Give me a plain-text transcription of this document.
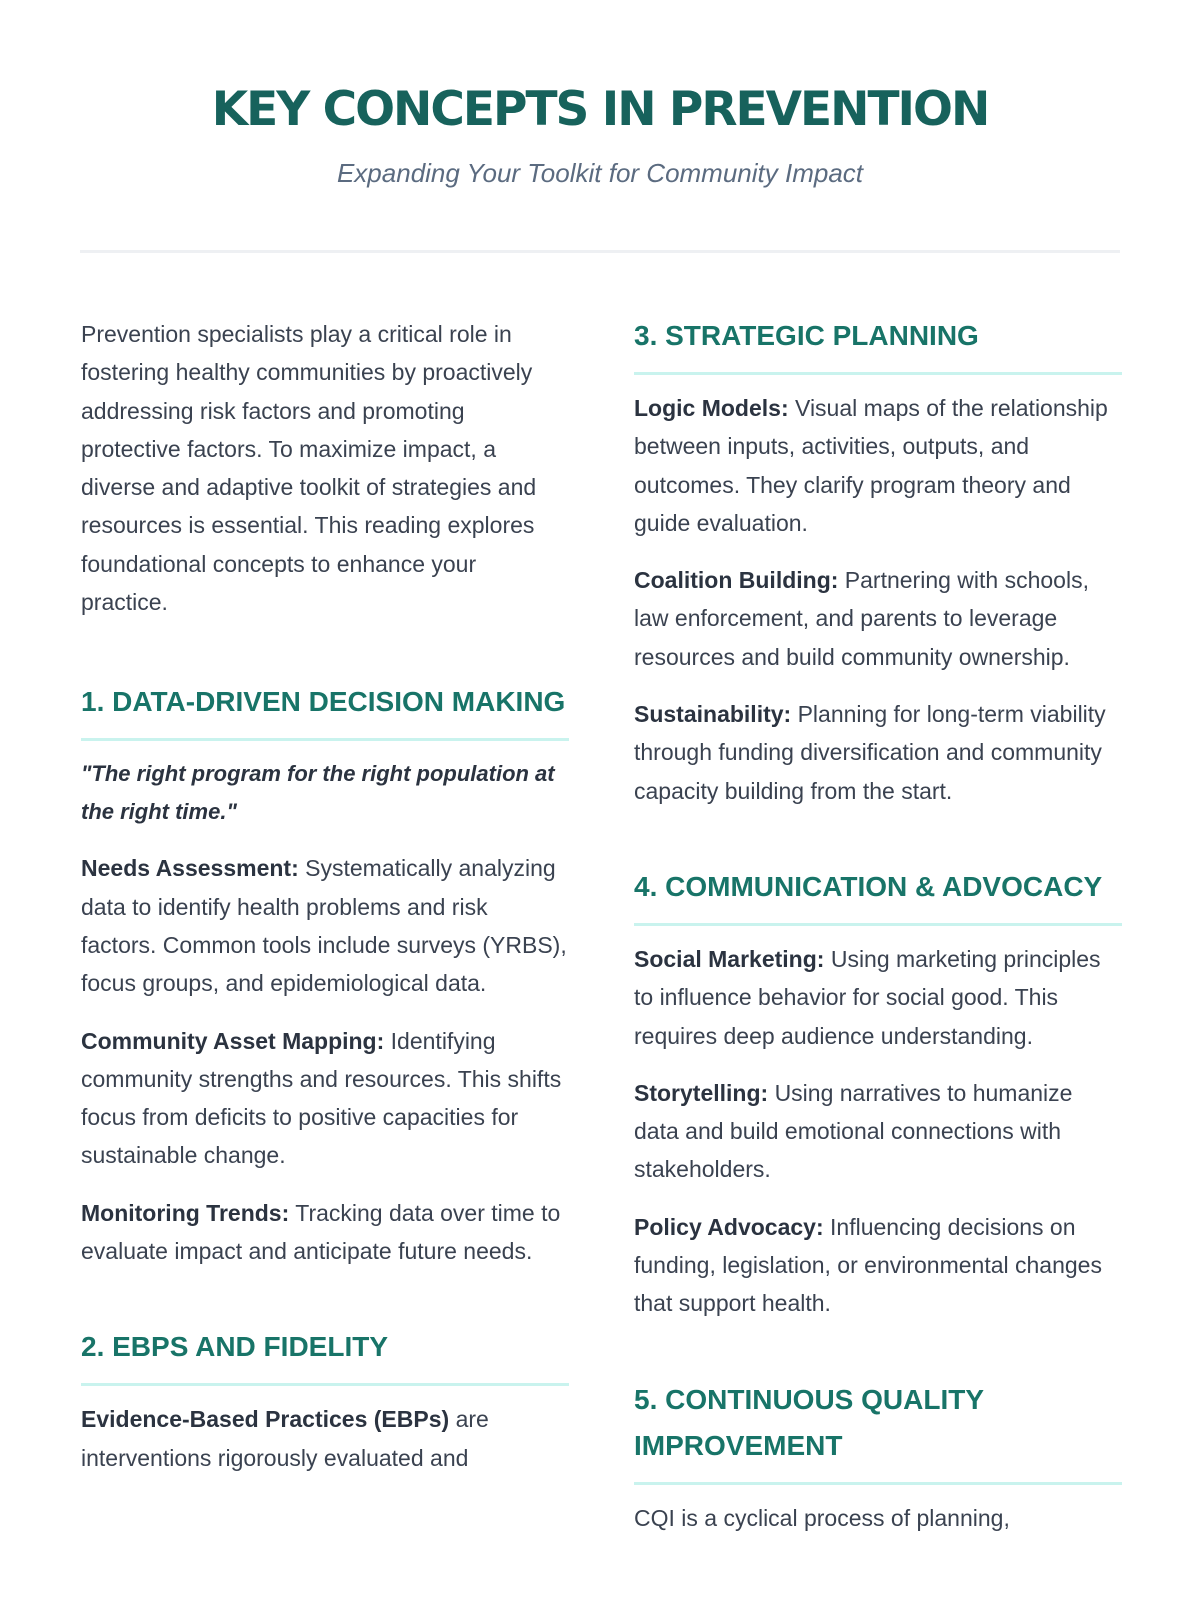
KEY CONCEPTS IN PREVENTION
Expanding Your Toolkit for Community Impact

Prevention specialists play a critical role in fostering healthy communities by proactively addressing risk factors and promoting protective factors. To maximize impact, a diverse and adaptive toolkit of strategies and resources is essential. This reading explores foundational concepts to enhance your practice.

1. DATA-DRIVEN DECISION MAKING

"The right program for the right population at the right time."

Needs Assessment: Systematically analyzing data to identify health problems and risk factors. Common tools include surveys (YRBS), focus groups, and epidemiological data.

Community Asset Mapping: Identifying community strengths and resources. This shifts focus from deficits to positive capacities for sustainable change.

Monitoring Trends: Tracking data over time to evaluate impact and anticipate future needs.

2. EBPS AND FIDELITY

Evidence-Based Practices (EBPs) are interventions rigorously evaluated and

3. STRATEGIC PLANNING

Logic Models: Visual maps of the relationship between inputs, activities, outputs, and outcomes. They clarify program theory and guide evaluation.

Coalition Building: Partnering with schools, law enforcement, and parents to leverage resources and build community ownership.

Sustainability: Planning for long-term viability through funding diversification and community capacity building from the start.

4. COMMUNICATION & ADVOCACY

Social Marketing: Using marketing principles to influence behavior for social good. This requires deep audience understanding.

Storytelling: Using narratives to humanize data and build emotional connections with stakeholders.

Policy Advocacy: Influencing decisions on funding, legislation, or environmental changes that support health.

5. CONTINUOUS QUALITY IMPROVEMENT

CQI is a cyclical process of planning,
